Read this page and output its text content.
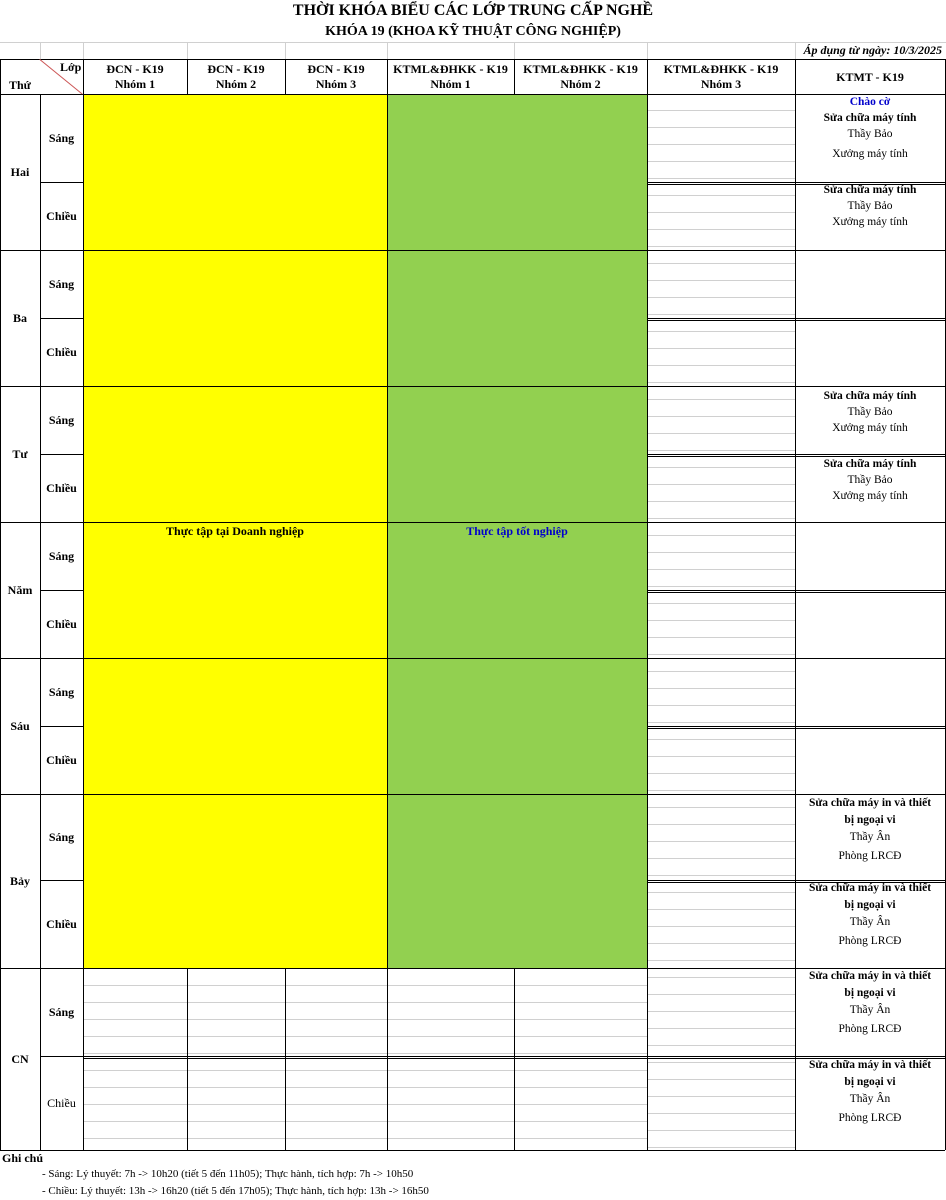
THỜI KHÓA BIỂU CÁC LỚP TRUNG CẤP NGHỀ
KHÓA 19 (KHOA KỸ THUẬT CÔNG NGHIỆP)
Áp dụng từ ngày: 10/3/2025
Thực tập tại Doanh nghiệp	Thực tập tốt nghiệp
Lớp
Thứ
ĐCN - K19
Nhóm 1
ĐCN - K19
Nhóm 2
ĐCN - K19
Nhóm 3
KTML&ĐHKK - K19
Nhóm 1
KTML&ĐHKK - K19
Nhóm 2
KTML&ĐHKK - K19
Nhóm 3
KTMT - K19
Hai
Ba
Tư
Năm
Sáu
Bảy
CN
Sáng
Chiều
Sáng
Chiều
Sáng
Chiều
Sáng
Chiều
Sáng
Chiều
Sáng
Chiều
Sáng
Chiều
Chào cờ
Sửa chữa máy tính
Thầy Bảo
Xưởng máy tính
Sửa chữa máy tính
Thầy Bảo
Xưởng máy tính
Sửa chữa máy tính
Thầy Bảo
Xưởng máy tính
Sửa chữa máy tính
Thầy Bảo
Xưởng máy tính
Sửa chữa máy in và thiết
bị ngoại vi
Thầy Ân
Phòng LRCĐ
Sửa chữa máy in và thiết
bị ngoại vi
Thầy Ân
Phòng LRCĐ
Sửa chữa máy in và thiết
bị ngoại vi
Thầy Ân
Phòng LRCĐ
Sửa chữa máy in và thiết
bị ngoại vi
Thầy Ân
Phòng LRCĐ
Ghi chú
- Sáng: Lý thuyết: 7h -> 10h20 (tiết 5 đến 11h05); Thực hành, tích hợp: 7h -> 10h50
- Chiều: Lý thuyết: 13h -> 16h20 (tiết 5 đến 17h05); Thực hành, tích hợp: 13h -> 16h50
